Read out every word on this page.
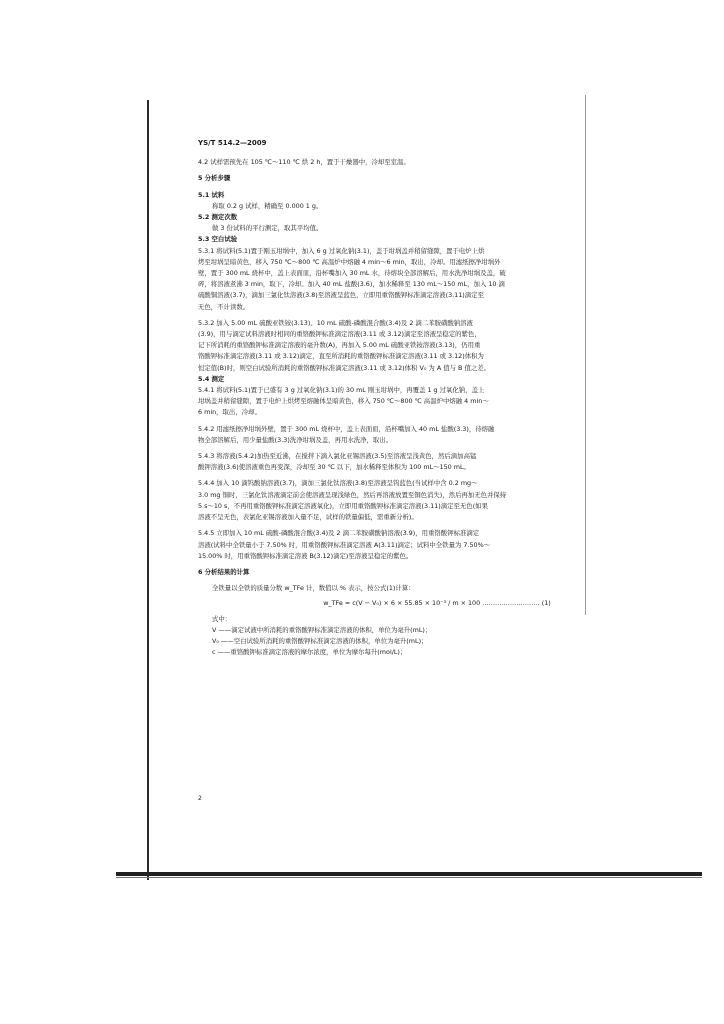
YS/T 514.2—2009

4.2 试样需预先在 105 ℃～110 ℃ 烘 2 h，置于干燥器中，冷却至室温。

5 分析步骤

5.1 试料

称取 0.2 g 试样，精确至 0.000 1 g。

5.2 测定次数

做 3 份试料的平行测定，取其平均值。

5.3 空白试验

5.3.1 将试料(5.1)置于刚玉坩埚中，加入 6 g 过氧化钠(3.1)，盖于坩埚盖并稍留缝隙，置于电炉上烘

烤至坩埚呈暗黄色，移入 750 ℃～800 ℃ 高温炉中熔融 4 min～6 min，取出，冷却。用滤纸擦净坩埚外

壁，置于 300 mL 烧杯中，盖上表面皿，沿杯嘴加入 30 mL 水，待熔块全部溶解后，用水洗净坩埚及盖，破

碎，将溶液煮沸 3 min，取下，冷却。加入 40 mL 盐酸(3.6)，加水稀释至 130 mL～150 mL，加入 10 滴

硫酸铜溶液(3.7)，滴加三氯化钛溶液(3.8)至溶液呈蓝色，立即用重铬酸钾标准滴定溶液(3.11)滴定至

无色，不计读数。

5.3.2 加入 5.00 mL 硫酸亚铁铵(3.13)、10 mL 硫酸-磷酸混合酸(3.4)及 2 滴二苯胺磺酸钠溶液

(3.9)，用与滴定试料溶液时相同的重铬酸钾标准滴定溶液(3.11 或 3.12)滴定至溶液呈稳定的紫色，

记下所消耗的重铬酸钾标准滴定溶液的毫升数(A)，再加入 5.00 mL 硫酸亚铁铵溶液(3.13)，仍用重

铬酸钾标准滴定溶液(3.11 或 3.12)滴定，直至所消耗的重铬酸钾标准滴定溶液(3.11 或 3.12)体积为

恒定值(B)时，则空白试验所消耗的重铬酸钾标准滴定溶液(3.11 或 3.12)体积 V₀ 为 A 值与 B 值之差。

5.4 测定

5.4.1 将试料(5.1)置于已盛有 3 g 过氧化钠(3.1)的 30 mL 刚玉坩埚中，再覆盖 1 g 过氧化钠，盖上

坩埚盖并稍留缝隙，置于电炉上烘烤至熔融体呈暗黄色，移入 750 ℃～800 ℃ 高温炉中熔融 4 min～

6 min，取出，冷却。

5.4.2 用滤纸擦净坩埚外壁，置于 300 mL 烧杯中，盖上表面皿，沿杯嘴加入 40 mL 盐酸(3.3)，待熔融

物全部溶解后，用少量盐酸(3.3)洗净坩埚及盖，再用水洗净，取出。

5.4.3 将溶液(5.4.2)加热至近沸，在搅拌下滴入氯化亚锡溶液(3.5)至溶液呈浅黄色，然后滴加高锰

酸钾溶液(3.6)使溶液重色再变深，冷却至 30 ℃ 以下，加水稀释至体积为 100 mL～150 mL。

5.4.4 加入 10 滴钨酸钠溶液(3.7)，滴加三氯化钛溶液(3.8)至溶液呈钨蓝色(当试样中含 0.2 mg～

3.0 mg 铜时，三氯化钛溶液滴定前会使溶液呈现浅绿色，然后再溶液放置至铜色消失)，然后再加无色并保持

5 s～10 s，不再用重铬酸钾标准滴定溶液氧化)，立即用重铬酸钾标准滴定溶液(3.11)滴定至无色(如果

溶液不呈无色，表氯化亚锡溶液加入量不足，试样的铁量偏低，需重新分析)。

5.4.5 立即加入 10 mL 硫酸-磷酸混合酸(3.4)及 2 滴二苯胺磺酸钠溶液(3.9)，用重铬酸钾标准滴定

溶液(试料中全铁量小于 7.50% 时，用重铬酸钾标准滴定溶液 A(3.11)滴定；试料中全铁量为 7.50%～

15.00% 时，用重铬酸钾标准滴定溶液 B(3.12)滴定)至溶液呈稳定的紫色。

6 分析结果的计算

全铁量以全铁的质量分数 w_TFe 计，数值以 % 表示，按公式(1)计算：

w_TFe = c(V − V₀) × 6 × 55.85 × 10⁻³ / m × 100 ……………………… (1)

式中：

V ——滴定试液中所消耗的重铬酸钾标准滴定溶液的体积，单位为毫升(mL)；

V₀ ——空白试验所消耗的重铬酸钾标准滴定溶液的体积，单位为毫升(mL)；

c ——重铬酸钾标准滴定溶液的摩尔浓度，单位为摩尔每升(mol/L)；

2
